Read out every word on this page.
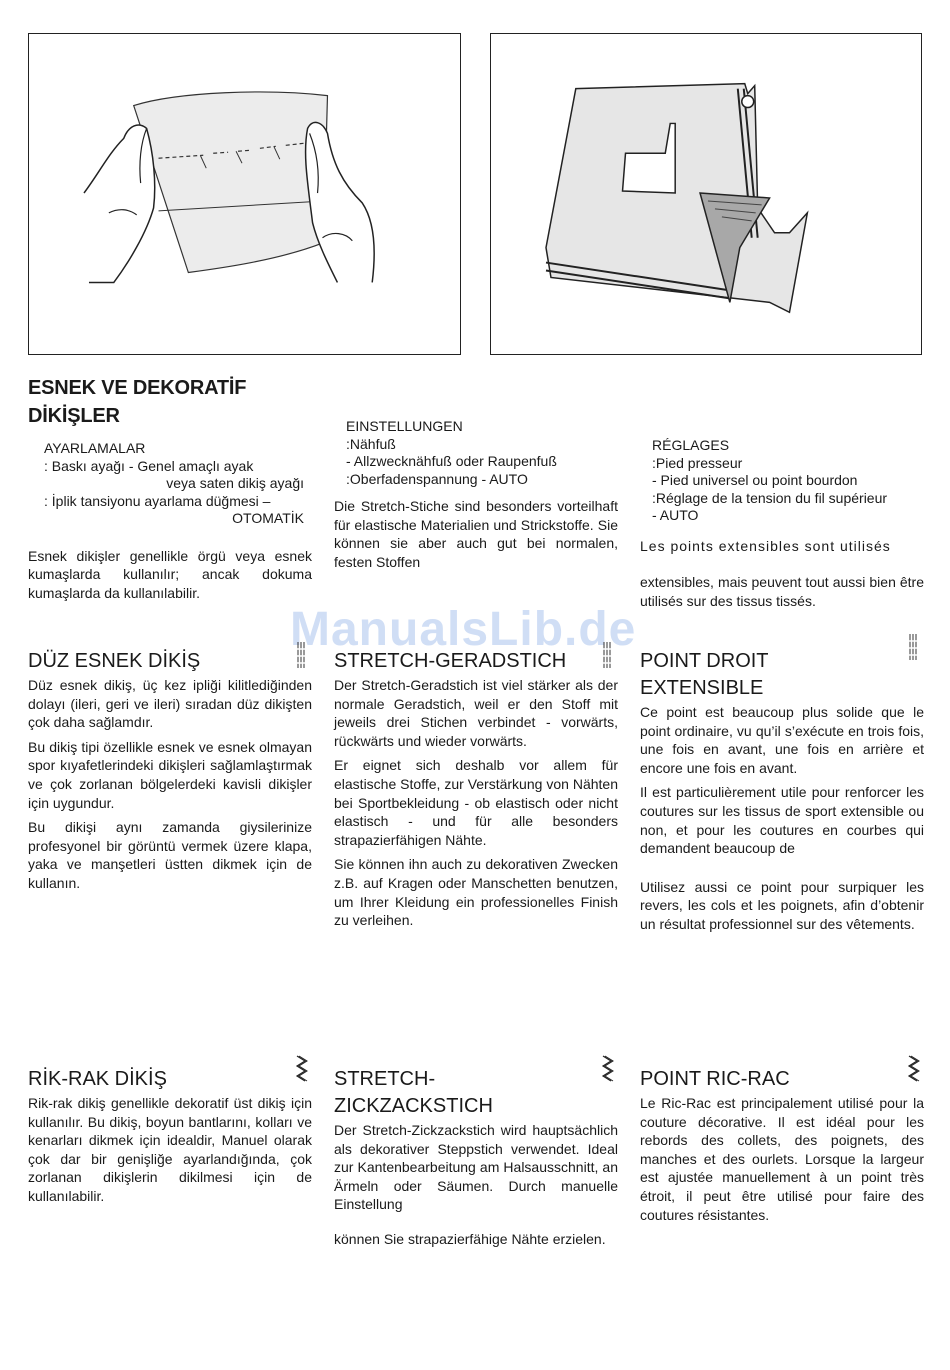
ManualsLib.de
ESNEK VE DEKORATİF
DİKİŞLER
AYARLAMALAR
: Baskı ayağı - Genel amaçlı ayak
veya saten dikiş ayağı
: İplik tansiyonu ayarlama düğmesi –
OTOMATİK

Esnek dikişler genellikle örgü veya esnek kumaşlarda kullanılır; ancak dokuma kumaşlarda da kullanılabilir.

EINSTELLUNGEN
:Nähfuß
- Allzwecknähfuß oder Raupenfuß
:Oberfadenspannung - AUTO

Die Stretch-Stiche sind besonders vorteilhaft für elastische Materialien und Strickstoffe. Sie können sie aber auch gut bei normalen, festen Stoffen

RÉGLAGES
:Pied presseur
- Pied universel ou point bourdon
:Réglage de la tension du fil supérieur
- AUTO

Les points extensibles sont utilisés

extensibles, mais peuvent tout aussi bien être utilisés sur des tissus tissés.

DÜZ ESNEK DİKİŞ

Düz esnek dikiş, üç kez ipliği kilitlediğinden dolayı (ileri, geri ve ileri) sıradan düz dikişten çok daha sağlamdır.

Bu dikiş tipi özellikle esnek ve esnek olmayan spor kıyafetlerindeki dikişleri sağlamlaştırmak ve çok zorlanan bölgelerdeki kavisli dikişler için uygundur.

Bu dikişi aynı zamanda giysilerinize profesyonel bir görüntü vermek üzere klapa, yaka ve manşetleri üstten dikmek için de kullanın.

STRETCH-GERADSTICH

Der Stretch-Geradstich ist viel stärker als der normale Geradstich, weil er den Stoff mit jeweils drei Stichen verbindet - vorwärts, rückwärts und wieder vorwärts.

Er eignet sich deshalb vor allem für elastische Stoffe, zur Verstärkung von Nähten bei Sportbekleidung - ob elastisch oder nicht elastisch - und für alle besonders strapazierfähigen Nähte.

Sie können ihn auch zu dekorativen Zwecken z.B. auf Kragen oder Manschetten benutzen, um Ihrer Kleidung ein professionelles Finish zu verleihen.

POINT DROIT
EXTENSIBLE

Ce point est beaucoup plus solide que le point ordinaire, vu qu’il s’exécute en trois fois, une fois en avant, une fois en arrière et encore une fois en avant.

Il est particulièrement utile pour renforcer les coutures sur les tissus de sport extensible ou non, et pour les coutures en courbes qui demandent beaucoup de

Utilisez aussi ce point pour surpiquer les revers, les cols et les poignets, afin d’obtenir un résultat professionnel sur des vêtements.

RİK-RAK DİKİŞ

Rik-rak dikiş genellikle dekoratif üst dikiş için kullanılır. Bu dikiş, boyun bantlarını, kolları ve kenarları dikmek için idealdir, Manuel olarak çok dar bir genişliğe ayarlandığında, çok zorlanan dikişlerin dikilmesi için de kullanılabilir.

STRETCH-
ZICKZACKSTICH

Der Stretch-Zickzackstich wird hauptsächlich als dekorativer Steppstich verwendet. Ideal zur Kantenbearbeitung am Halsausschnitt, an Ärmeln oder Säumen. Durch manuelle Einstellung

können Sie strapazierfähige Nähte erzielen.

POINT RIC-RAC

Le Ric-Rac est principalement utilisé pour la couture décorative. Il est idéal pour les rebords des collets, des poignets, des manches et des ourlets. Lorsque la largeur est ajustée manuellement à un point très étroit, il peut être utilisé pour faire des coutures résistantes.
